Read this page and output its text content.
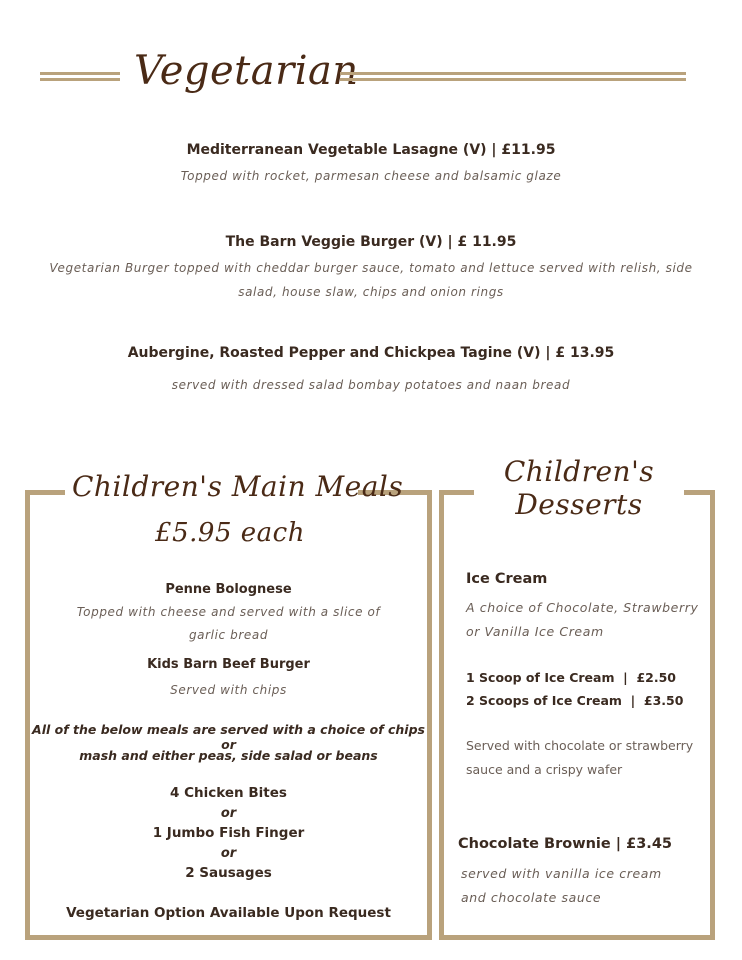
Vegetarian
Mediterranean Vegetable Lasagne (V) | £11.95
Topped with rocket, parmesan cheese and balsamic glaze
The Barn Veggie Burger (V) | £ 11.95
Vegetarian Burger topped with cheddar burger sauce, tomato and lettuce served with relish, side
salad, house slaw, chips and onion rings
Aubergine, Roasted Pepper and Chickpea Tagine (V) | £ 13.95
served with dressed salad bombay potatoes and naan bread
Children's Main Meals
£5.95 each
Penne Bolognese
Topped with cheese and served with a slice of
garlic bread
Kids Barn Beef Burger
Served with chips
All of the below meals are served with a choice of chips or
mash and either peas, side salad or beans
4 Chicken Bites
or
1 Jumbo Fish Finger
or
2 Sausages
Vegetarian Option Available Upon Request
Children's
Desserts
Ice Cream
A choice of Chocolate, Strawberry
or Vanilla Ice Cream
1 Scoop of Ice Cream  |  £2.50
2 Scoops of Ice Cream  |  £3.50
Served with chocolate or strawberry
sauce and a crispy wafer
Chocolate Brownie | £3.45
served with vanilla ice cream
and chocolate sauce
